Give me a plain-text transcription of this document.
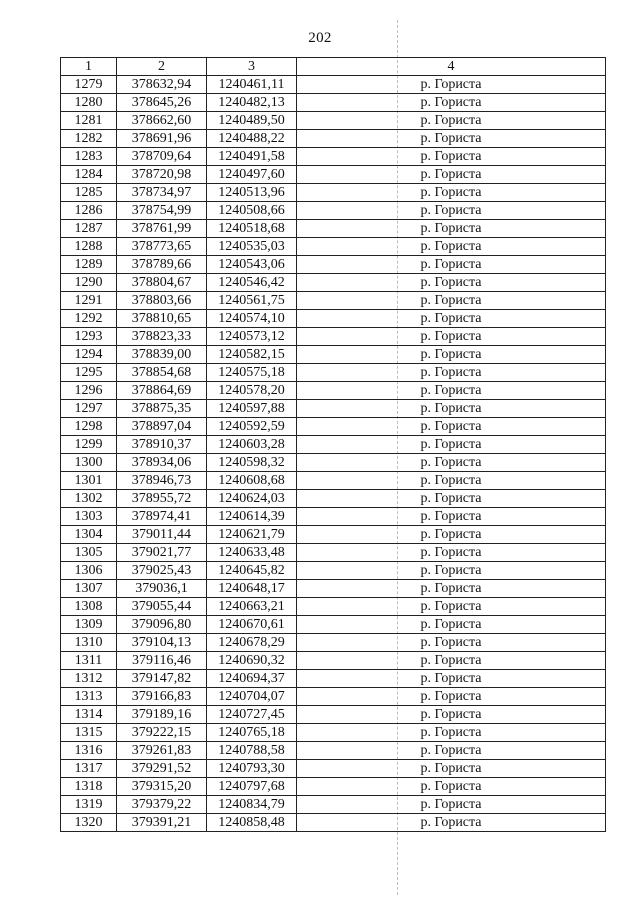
202
1	2	3	4
1279	378632,94	1240461,11	р. Гориста
1280	378645,26	1240482,13	р. Гориста
1281	378662,60	1240489,50	р. Гориста
1282	378691,96	1240488,22	р. Гориста
1283	378709,64	1240491,58	р. Гориста
1284	378720,98	1240497,60	р. Гориста
1285	378734,97	1240513,96	р. Гориста
1286	378754,99	1240508,66	р. Гориста
1287	378761,99	1240518,68	р. Гориста
1288	378773,65	1240535,03	р. Гориста
1289	378789,66	1240543,06	р. Гориста
1290	378804,67	1240546,42	р. Гориста
1291	378803,66	1240561,75	р. Гориста
1292	378810,65	1240574,10	р. Гориста
1293	378823,33	1240573,12	р. Гориста
1294	378839,00	1240582,15	р. Гориста
1295	378854,68	1240575,18	р. Гориста
1296	378864,69	1240578,20	р. Гориста
1297	378875,35	1240597,88	р. Гориста
1298	378897,04	1240592,59	р. Гориста
1299	378910,37	1240603,28	р. Гориста
1300	378934,06	1240598,32	р. Гориста
1301	378946,73	1240608,68	р. Гориста
1302	378955,72	1240624,03	р. Гориста
1303	378974,41	1240614,39	р. Гориста
1304	379011,44	1240621,79	р. Гориста
1305	379021,77	1240633,48	р. Гориста
1306	379025,43	1240645,82	р. Гориста
1307	379036,1	1240648,17	р. Гориста
1308	379055,44	1240663,21	р. Гориста
1309	379096,80	1240670,61	р. Гориста
1310	379104,13	1240678,29	р. Гориста
1311	379116,46	1240690,32	р. Гориста
1312	379147,82	1240694,37	р. Гориста
1313	379166,83	1240704,07	р. Гориста
1314	379189,16	1240727,45	р. Гориста
1315	379222,15	1240765,18	р. Гориста
1316	379261,83	1240788,58	р. Гориста
1317	379291,52	1240793,30	р. Гориста
1318	379315,20	1240797,68	р. Гориста
1319	379379,22	1240834,79	р. Гориста
1320	379391,21	1240858,48	р. Гориста
